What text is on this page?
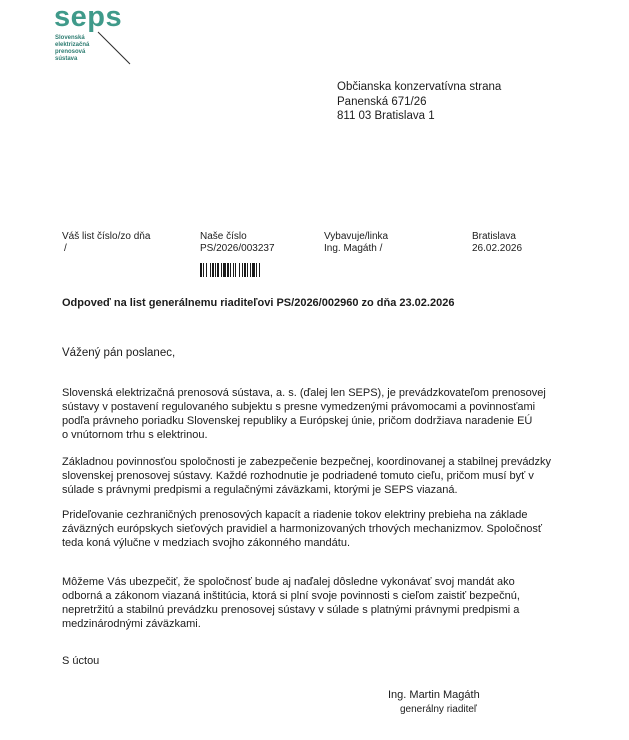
seps
Slovenská
elektrizačná
prenosová
sústava
Občianska konzervatívna strana
Panenská 671/26
811 03 Bratislava 1
Váš list číslo/zo dňa
/
Naše číslo
PS/2026/003237
Vybavuje/linka
Ing. Magáth /
Bratislava
26.02.2026
Odpoveď na list generálnemu riaditeľovi PS/2026/002960 zo dňa 23.02.2026
Vážený pán poslanec,
Slovenská elektrizačná prenosová sústava, a. s. (ďalej len SEPS), je prevádzkovateľom prenosovej
sústavy v postavení regulovaného subjektu s presne vymedzenými právomocami a povinnosťami
podľa právneho poriadku Slovenskej republiky a Európskej únie, pričom dodržiava naradenie EÚ
o vnútornom trhu s elektrinou.
Základnou povinnosťou spoločnosti je zabezpečenie bezpečnej, koordinovanej a stabilnej prevádzky
slovenskej prenosovej sústavy. Každé rozhodnutie je podriadené tomuto cieľu, pričom musí byť v
súlade s právnymi predpismi a regulačnými záväzkami, ktorými je SEPS viazaná.
Prideľovanie cezhraničných prenosových kapacít a riadenie tokov elektriny prebieha na základe
záväzných európskych sieťových pravidiel a harmonizovaných trhových mechanizmov. Spoločnosť
teda koná výlučne v medziach svojho zákonného mandátu.
Môžeme Vás ubezpečiť, že spoločnosť bude aj naďalej dôsledne vykonávať svoj mandát ako
odborná a zákonom viazaná inštitúcia, ktorá si plní svoje povinnosti s cieľom zaistiť bezpečnú,
nepretržitú a stabilnú prevádzku prenosovej sústavy v súlade s platnými právnymi predpismi a
medzinárodnými záväzkami.
S úctou
Ing. Martin Magáth
generálny riaditeľ
